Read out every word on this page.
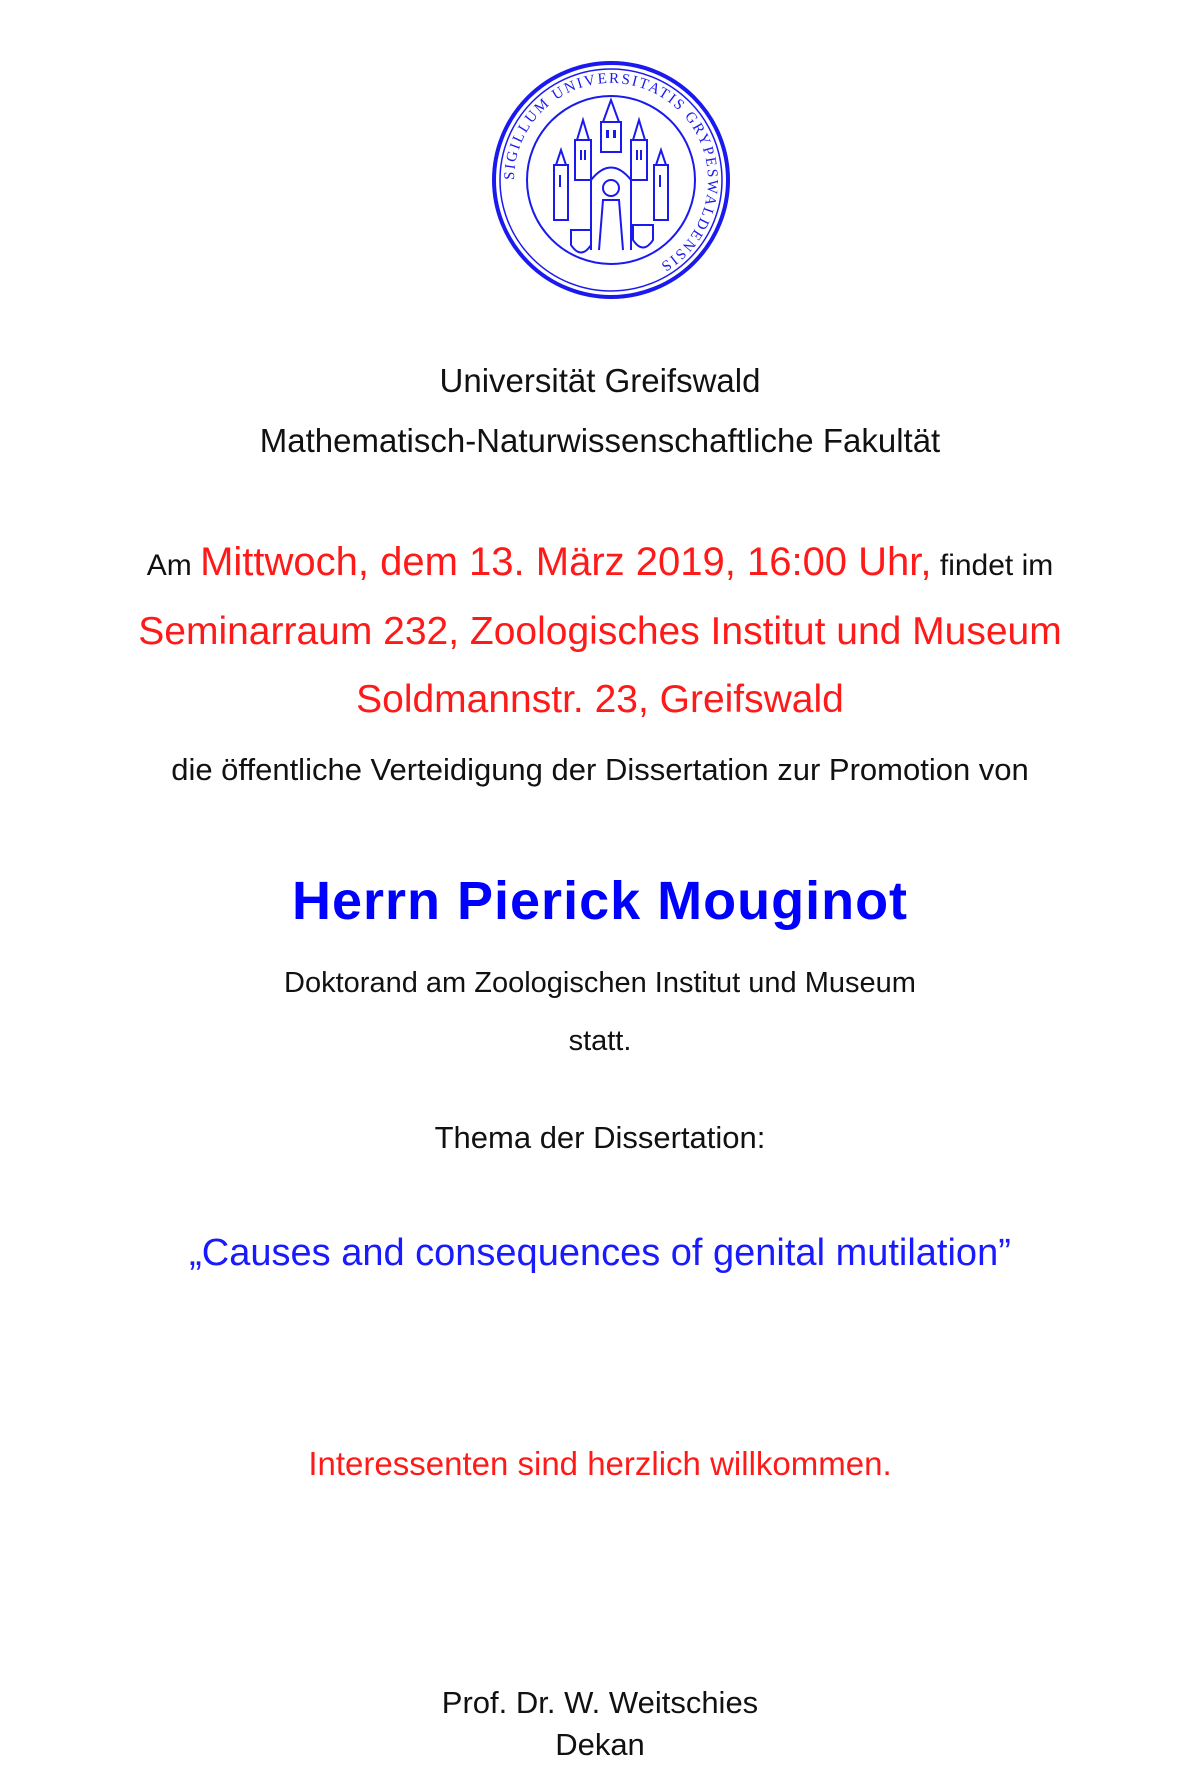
SIGILLUM UNIVERSITATIS GRYPESWALDENSIS
Universität Greifswald
Mathematisch-Naturwissenschaftliche Fakultät
Am Mittwoch, dem 13. März 2019, 16:00 Uhr, findet im
Seminarraum 232, Zoologisches Institut und Museum
Soldmannstr. 23, Greifswald
die öffentliche Verteidigung der Dissertation zur Promotion von
Herrn Pierick Mouginot
Doktorand am Zoologischen Institut und Museum
statt.
Thema der Dissertation:
„Causes and consequences of genital mutilation”
Interessenten sind herzlich willkommen.
Prof. Dr. W. Weitschies
Dekan
